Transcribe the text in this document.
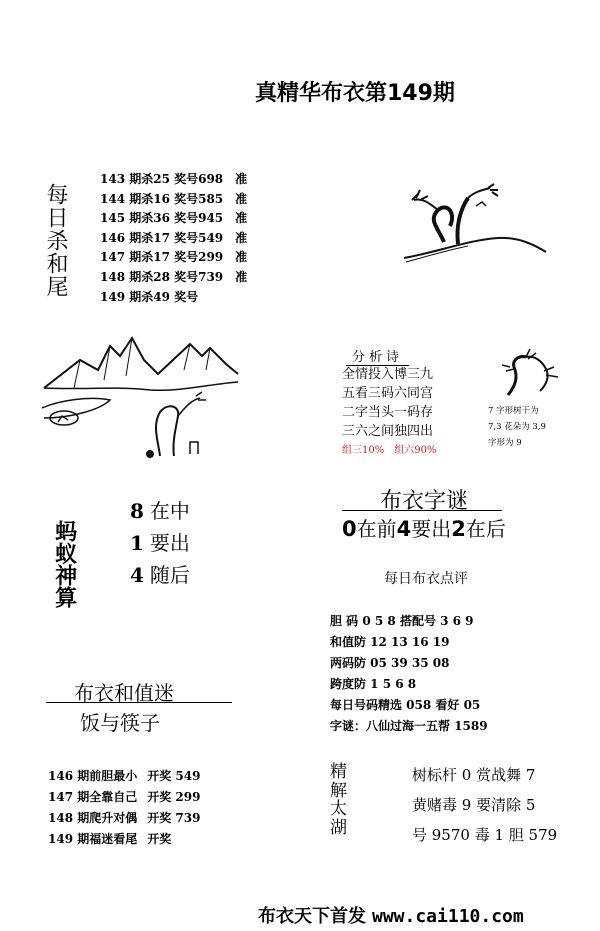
真精华布衣第149期
每日杀和尾
143 期杀25 奖号698 准
144 期杀16 奖号585 准
145 期杀36 奖号945 准
146 期杀17 奖号549 准
147 期杀17 奖号299 准
148 期杀28 奖号739 准
149 期杀49 奖号
蚂蚁神算
8 在中
1 要出
4 随后
分析诗
全情投入博三九
五看三码六同宫
二字当头一码存
三六之间独四出
组三10% 组六90%
7 字形树干为
7,3 花朵为 3,9
字形为 9
布衣字谜
0在前4要出2在后
每日布衣点评
胆 码 0 5 8 搭配号 3 6 9
和值防 12 13 16 19
两码防 05 39 35 08
跨度防 1 5 6 8
每日号码精选 058 看好 05
字谜：八仙过海一五帮 1589
布衣和值迷
饭与筷子
146 期前胆最小 开奖 549
147 期全靠自己 开奖 299
148 期爬升对偶 开奖 739
149 期福迷看尾 开奖
精解太湖
树标杆 0 赏战舞 7
黄赌毒 9 要清除 5
号 9570 毒 1 胆 579
布衣天下首发 www.cai110.com
